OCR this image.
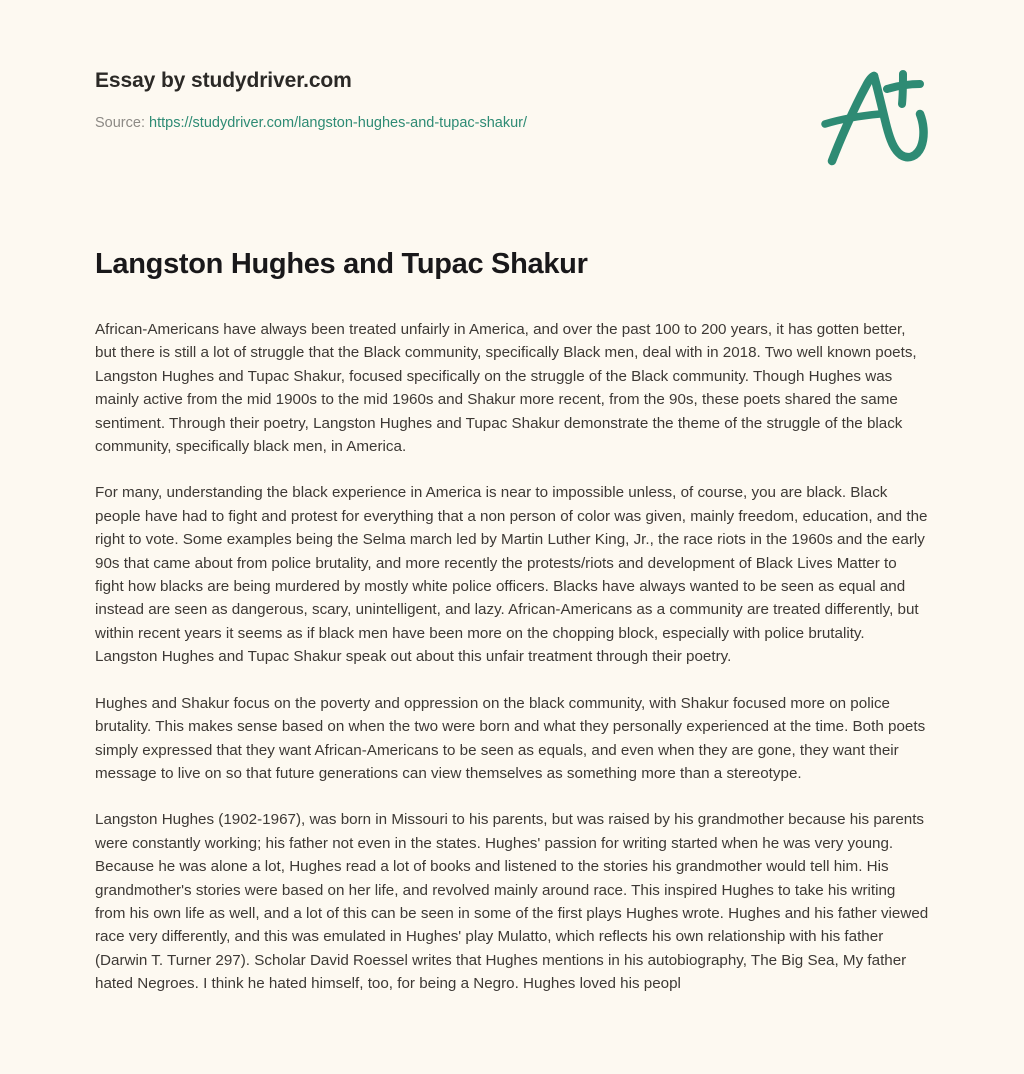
Essay by studydriver.com
Source: https://studydriver.com/langston-hughes-and-tupac-shakur/
Langston Hughes and Tupac Shakur

African-Americans have always been treated unfairly in America, and over the past 100 to 200 years, it has gotten better, but there is still a lot of struggle that the Black community, specifically Black men, deal with in 2018. Two well known poets, Langston Hughes and Tupac Shakur, focused specifically on the struggle of the Black community. Though Hughes was mainly active from the mid 1900s to the mid 1960s and Shakur more recent, from the 90s, these poets shared the same sentiment. Through their poetry, Langston Hughes and Tupac Shakur demonstrate the theme of the struggle of the black community, specifically black men, in America.

For many, understanding the black experience in America is near to impossible unless, of course, you are black. Black people have had to fight and protest for everything that a non person of color was given, mainly freedom, education, and the right to vote. Some examples being the Selma march led by Martin Luther King, Jr., the race riots in the 1960s and the early 90s that came about from police brutality, and more recently the protests/riots and development of Black Lives Matter to fight how blacks are being murdered by mostly white police officers. Blacks have always wanted to be seen as equal and instead are seen as dangerous, scary, unintelligent, and lazy. African-Americans as a community are treated differently, but within recent years it seems as if black men have been more on the chopping block, especially with police brutality. Langston Hughes and Tupac Shakur speak out about this unfair treatment through their poetry.

Hughes and Shakur focus on the poverty and oppression on the black community, with Shakur focused more on police brutality. This makes sense based on when the two were born and what they personally experienced at the time. Both poets simply expressed that they want African-Americans to be seen as equals, and even when they are gone, they want their message to live on so that future generations can view themselves as something more than a stereotype.

Langston Hughes (1902-1967), was born in Missouri to his parents, but was raised by his grandmother because his parents were constantly working; his father not even in the states. Hughes' passion for writing started when he was very young. Because he was alone a lot, Hughes read a lot of books and listened to the stories his grandmother would tell him. His grandmother's stories were based on her life, and revolved mainly around race. This inspired Hughes to take his writing from his own life as well, and a lot of this can be seen in some of the first plays Hughes wrote. Hughes and his father viewed race very differently, and this was emulated in Hughes' play Mulatto, which reflects his own relationship with his father (Darwin T. Turner 297). Scholar David Roessel writes that Hughes mentions in his autobiography, The Big Sea, My father hated Negroes. I think he hated himself, too, for being a Negro. Hughes loved his peopl
